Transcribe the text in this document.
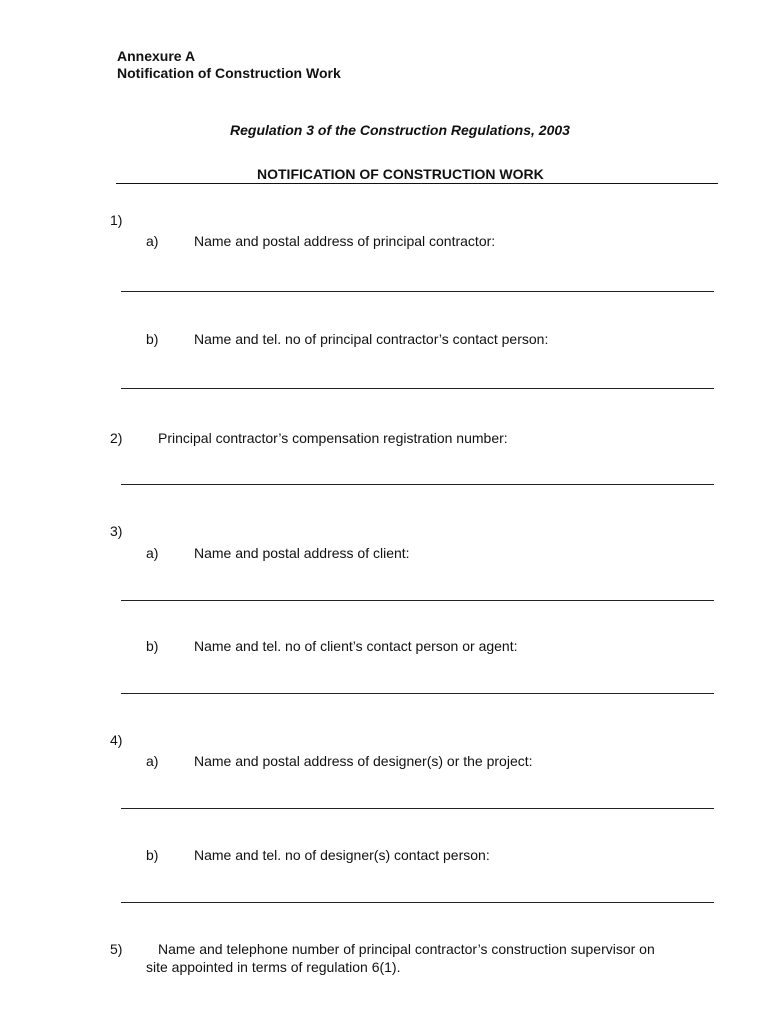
Annexure A
Notification of Construction Work
Regulation 3 of the Construction Regulations, 2003
NOTIFICATION OF CONSTRUCTION WORK
1)
a)	Name and postal address of principal contractor:
b)	Name and tel. no of principal contractor’s contact person:
2)	Principal contractor’s compensation registration number:
3)
a)	Name and postal address of client:
b)	Name and tel. no of client’s contact person or agent:
4)
a)	Name and postal address of designer(s) or the project:
b)	Name and tel. no of designer(s) contact person:
5)	Name and telephone number of principal contractor’s construction supervisor on
site appointed in terms of regulation 6(1).
